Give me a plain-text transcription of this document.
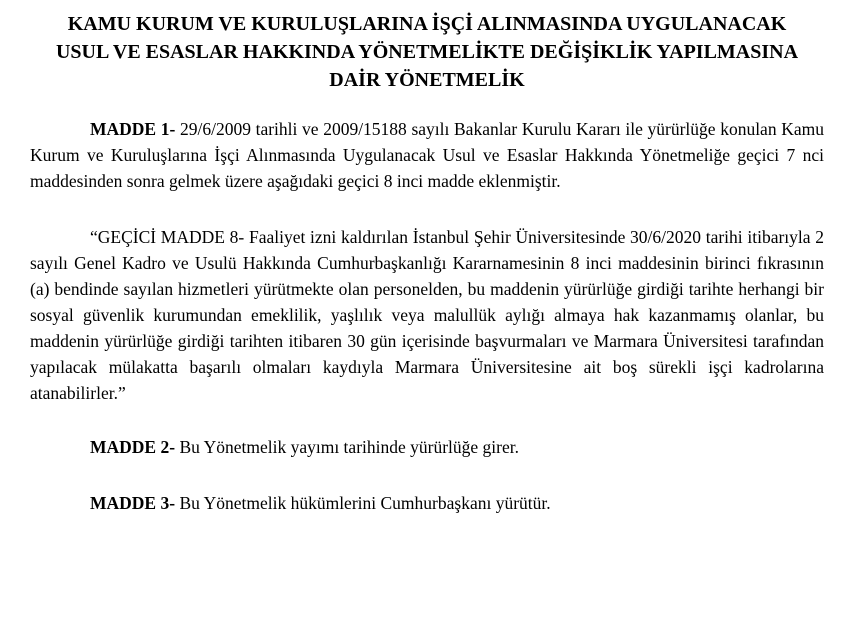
KAMU KURUM VE KURULUŞLARINA İŞÇİ ALINMASINDA UYGULANACAK
USUL VE ESASLAR HAKKINDA YÖNETMELİKTE DEĞİŞİKLİK YAPILMASINA
DAİR YÖNETMELİK

MADDE 1- 29/6/2009 tarihli ve 2009/15188 sayılı Bakanlar Kurulu Kararı ile yürürlüğe konulan Kamu Kurum ve Kuruluşlarına İşçi Alınmasında Uygulanacak Usul ve Esaslar Hakkında Yönetmeliğe geçici 7 nci maddesinden sonra gelmek üzere aşağıdaki geçici 8 inci madde eklenmiştir.

“GEÇİCİ MADDE 8- Faaliyet izni kaldırılan İstanbul Şehir Üniversitesinde 30/6/2020 tarihi itibarıyla 2 sayılı Genel Kadro ve Usulü Hakkında Cumhurbaşkanlığı Kararnamesinin 8 inci maddesinin birinci fıkrasının (a) bendinde sayılan hizmetleri yürütmekte olan personelden, bu maddenin yürürlüğe girdiği tarihte herhangi bir sosyal güvenlik kurumundan emeklilik, yaşlılık veya malullük aylığı almaya hak kazanmamış olanlar, bu maddenin yürürlüğe girdiği tarihten itibaren 30 gün içerisinde başvurmaları ve Marmara Üniversitesi tarafından yapılacak mülakatta başarılı olmaları kaydıyla Marmara Üniversitesine ait boş sürekli işçi kadrolarına atanabilirler.”

MADDE 2- Bu Yönetmelik yayımı tarihinde yürürlüğe girer.

MADDE 3- Bu Yönetmelik hükümlerini Cumhurbaşkanı yürütür.
